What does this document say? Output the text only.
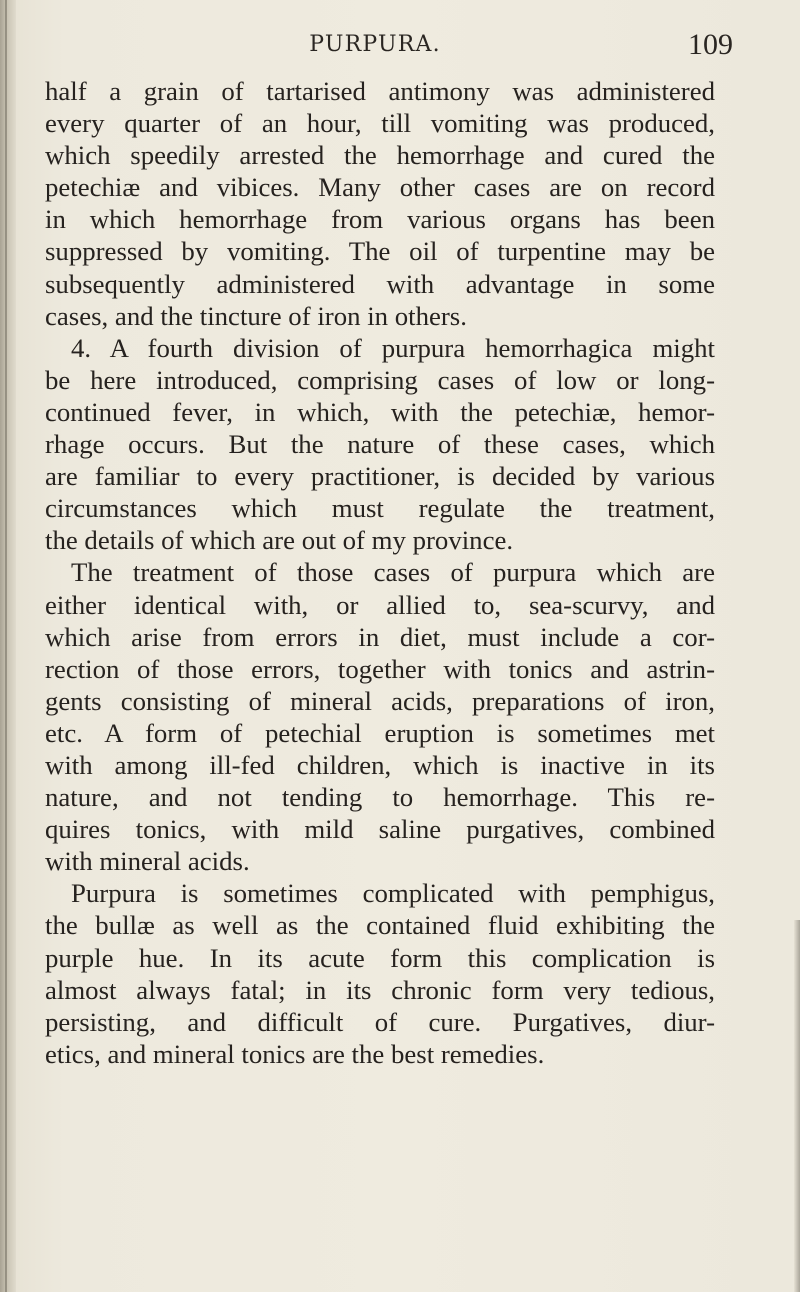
PURPURA.	109
half a grain of tartarised antimony was administered
every quarter of an hour, till vomiting was produced,
which speedily arrested the hemorrhage and cured the
petechiæ and vibices. Many other cases are on record
in which hemorrhage from various organs has been
suppressed by vomiting. The oil of turpentine may be
subsequently administered with advantage in some
cases, and the tincture of iron in others.
4. A fourth division of purpura hemorrhagica might
be here introduced, comprising cases of low or long-
continued fever, in which, with the petechiæ, hemor-
rhage occurs. But the nature of these cases, which
are familiar to every practitioner, is decided by various
circumstances which must regulate the treatment,
the details of which are out of my province.
The treatment of those cases of purpura which are
either identical with, or allied to, sea-scurvy, and
which arise from errors in diet, must include a cor-
rection of those errors, together with tonics and astrin-
gents consisting of mineral acids, preparations of iron,
etc. A form of petechial eruption is sometimes met
with among ill-fed children, which is inactive in its
nature, and not tending to hemorrhage. This re-
quires tonics, with mild saline purgatives, combined
with mineral acids.
Purpura is sometimes complicated with pemphigus,
the bullæ as well as the contained fluid exhibiting the
purple hue. In its acute form this complication is
almost always fatal; in its chronic form very tedious,
persisting, and difficult of cure. Purgatives, diur-
etics, and mineral tonics are the best remedies.
